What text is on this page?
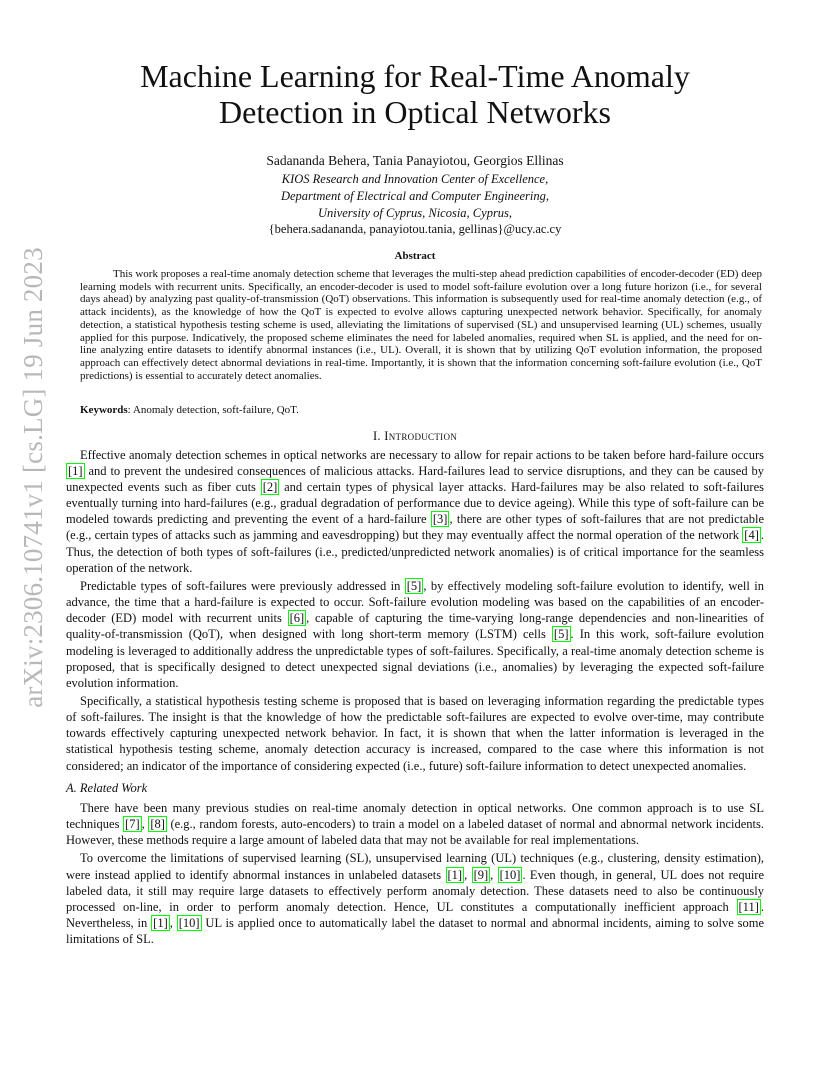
arXiv:2306.10741v1 [cs.LG] 19 Jun 2023
Machine Learning for Real-Time Anomaly Detection in Optical Networks
Sadananda Behera, Tania Panayiotou, Georgios Ellinas
KIOS Research and Innovation Center of Excellence,
Department of Electrical and Computer Engineering,
University of Cyprus, Nicosia, Cyprus,
{behera.sadananda, panayiotou.tania, gellinas}@ucy.ac.cy
Abstract

This work proposes a real-time anomaly detection scheme that leverages the multi-step ahead prediction capabilities of encoder-decoder (ED) deep learning models with recurrent units. Specifically, an encoder-decoder is used to model soft-failure evolution over a long future horizon (i.e., for several days ahead) by analyzing past quality-of-transmission (QoT) observations. This information is subsequently used for real-time anomaly detection (e.g., of attack incidents), as the knowledge of how the QoT is expected to evolve allows capturing unexpected network behavior. Specifically, for anomaly detection, a statistical hypothesis testing scheme is used, alleviating the limitations of supervised (SL) and unsupervised learning (UL) schemes, usually applied for this purpose. Indicatively, the proposed scheme eliminates the need for labeled anomalies, required when SL is applied, and the need for on-line analyzing entire datasets to identify abnormal instances (i.e., UL). Overall, it is shown that by utilizing QoT evolution information, the proposed approach can effectively detect abnormal deviations in real-time. Importantly, it is shown that the information concerning soft-failure evolution (i.e., QoT predictions) is essential to accurately detect anomalies.

Keywords: Anomaly detection, soft-failure, QoT.
I. Introduction

Effective anomaly detection schemes in optical networks are necessary to allow for repair actions to be taken before hard-failure occurs [1] and to prevent the undesired consequences of malicious attacks. Hard-failures lead to service disruptions, and they can be caused by unexpected events such as fiber cuts [2] and certain types of physical layer attacks. Hard-failures may be also related to soft-failures eventually turning into hard-failures (e.g., gradual degradation of performance due to device ageing). While this type of soft-failure can be modeled towards predicting and preventing the event of a hard-failure [3] , there are other types of soft-failures that are not predictable (e.g., certain types of attacks such as jamming and eavesdropping) but they may eventually affect the normal operation of the network [4] . Thus, the detection of both types of soft-failures (i.e., predicted/unpredicted network anomalies) is of critical importance for the seamless operation of the network.

Predictable types of soft-failures were previously addressed in [5] , by effectively modeling soft-failure evolution to identify, well in advance, the time that a hard-failure is expected to occur. Soft-failure evolution modeling was based on the capabilities of an encoder-decoder (ED) model with recurrent units [6] , capable of capturing the time-varying long-range dependencies and non-linearities of quality-of-transmission (QoT), when designed with long short-term memory (LSTM) cells [5] . In this work, soft-failure evolution modeling is leveraged to additionally address the unpredictable types of soft-failures. Specifically, a real-time anomaly detection scheme is proposed, that is specifically designed to detect unexpected signal deviations (i.e., anomalies) by leveraging the expected soft-failure evolution information.

Specifically, a statistical hypothesis testing scheme is proposed that is based on leveraging information regarding the predictable types of soft-failures. The insight is that the knowledge of how the predictable soft-failures are expected to evolve over-time, may contribute towards effectively capturing unexpected network behavior. In fact, it is shown that when the latter information is leveraged in the statistical hypothesis testing scheme, anomaly detection accuracy is increased, compared to the case where this information is not considered; an indicator of the importance of considering expected (i.e., future) soft-failure information to detect unexpected anomalies.

A. Related Work

There have been many previous studies on real-time anomaly detection in optical networks. One common approach is to use SL techniques [7] , [8] (e.g., random forests, auto-encoders) to train a model on a labeled dataset of normal and abnormal network incidents. However, these methods require a large amount of labeled data that may not be available for real implementations.

To overcome the limitations of supervised learning (SL), unsupervised learning (UL) techniques (e.g., clustering, density estimation), were instead applied to identify abnormal instances in unlabeled datasets [1] , [9] , [10] . Even though, in general, UL does not require labeled data, it still may require large datasets to effectively perform anomaly detection. These datasets need to also be continuously processed on-line, in order to perform anomaly detection. Hence, UL constitutes a computationally inefficient approach [11] . Nevertheless, in [1] , [10] UL is applied once to automatically label the dataset to normal and abnormal incidents, aiming to solve some limitations of SL.
